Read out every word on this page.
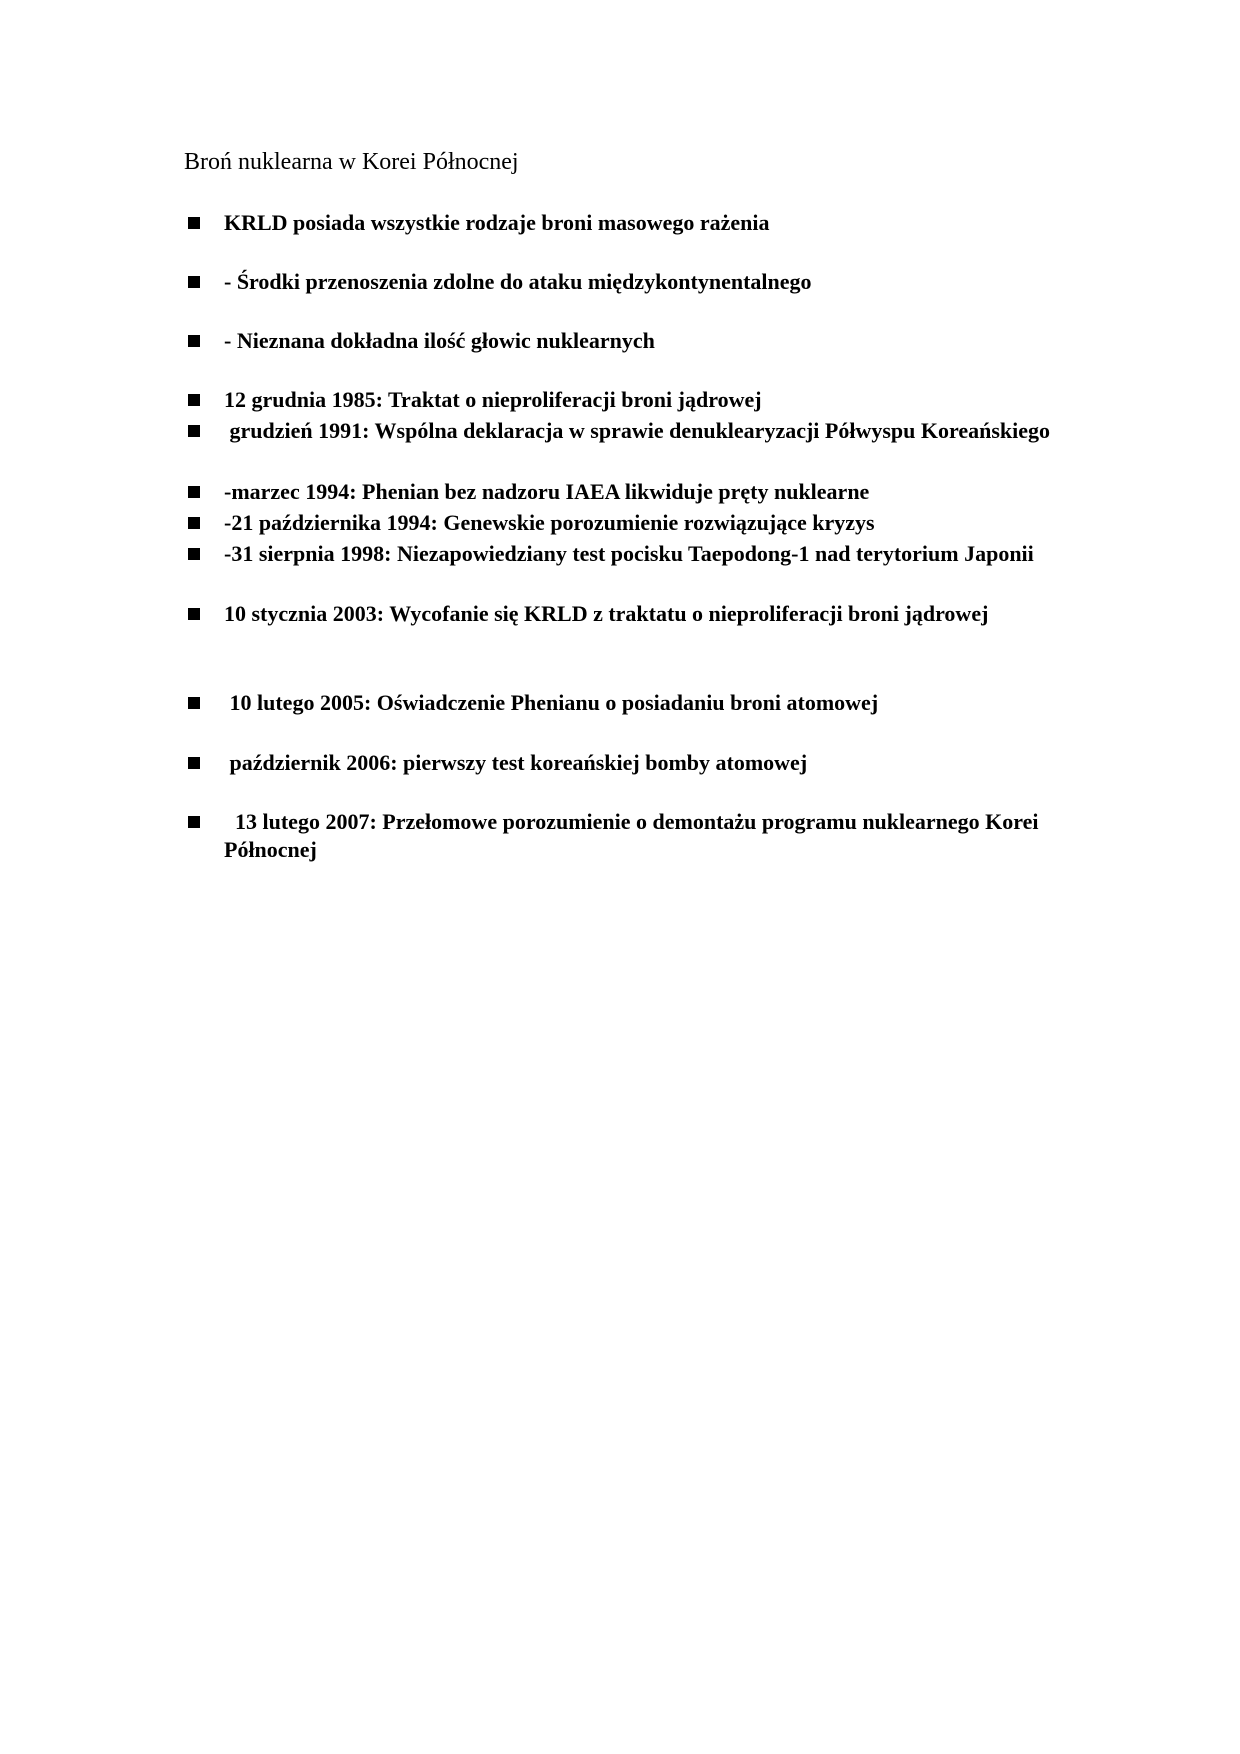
Broń nuklearna w Korei Północnej
KRLD posiada wszystkie rodzaje broni masowego rażenia
- Środki przenoszenia zdolne do ataku międzykontynentalnego
- Nieznana dokładna ilość głowic nuklearnych
12 grudnia 1985: Traktat o nieproliferacji broni jądrowej
grudzień 1991: Wspólna deklaracja w sprawie denuklearyzacji Półwyspu Koreańskiego
-marzec 1994: Phenian bez nadzoru IAEA likwiduje pręty nuklearne
-21 października 1994: Genewskie porozumienie rozwiązujące kryzys
-31 sierpnia 1998: Niezapowiedziany test pocisku Taepodong-1 nad terytorium Japonii
10 stycznia 2003: Wycofanie się KRLD z traktatu o nieproliferacji broni jądrowej
10 lutego 2005: Oświadczenie Phenianu o posiadaniu broni atomowej
październik 2006: pierwszy test koreańskiej bomby atomowej
13 lutego 2007: Przełomowe porozumienie o demontażu programu nuklearnego Korei Północnej
